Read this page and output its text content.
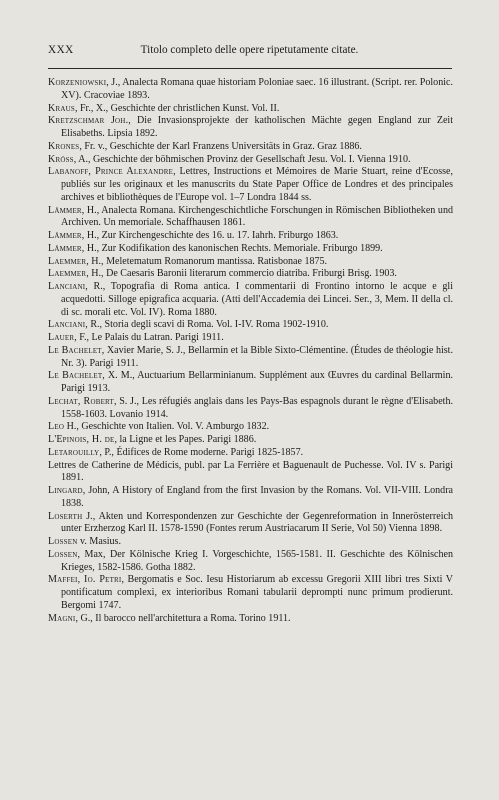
XXX	Titolo completo delle opere ripetutamente citate.
Korzeniowski, J., Analecta Romana quae historiam Poloniae saec. 16 illustrant. (Script. rer. Polonic. XV). Cracoviae 1893.
Kraus, Fr., X., Geschichte der christlichen Kunst. Vol. II.
Kretzschmar Joh., Die Invasionsprojekte der katholischen Mächte gegen England zur Zeit Elisabeths. Lipsia 1892.
Krones, Fr. v., Geschichte der Karl Franzens Universitäts in Graz. Graz 1886.
Kröss, A., Geschichte der böhmischen Provinz der Gesellschaft Jesu. Vol. I. Vienna 1910.
Labanoff, Prince Alexandre, Lettres, Instructions et Mémoires de Marie Stuart, reine d'Ecosse, publiés sur les originaux et les manuscrits du State Paper Office de Londres et des principales archives et bibliothèques de l'Europe vol. 1–7 Londra 1844 ss.
Lämmer, H., Analecta Romana. Kirchengeschichtliche Forschungen in Römischen Bibliotheken und Archiven. Un memoriale. Schaffhausen 1861.
Lämmer, H., Zur Kirchengeschichte des 16. u. 17. Iahrh. Friburgo 1863.
Lämmer, H., Zur Kodifikation des kanonischen Rechts. Memoriale. Friburgo 1899.
Laemmer, H., Meletematum Romanorum mantissa. Ratisbonae 1875.
Laemmer, H., De Caesaris Baronii literarum commercio diatriba. Friburgi Brisg. 1903.
Lanciani, R., Topografia di Roma antica. I commentarii di Frontino intorno le acque e gli acquedotti. Silloge epigrafica acquaria. (Atti dell'Accademia dei Lincei. Ser., 3, Mem. II della cl. di sc. morali etc. Vol. IV). Roma 1880.
Lanciani, R., Storia degli scavi di Roma. Vol. I-IV. Roma 1902-1910.
Lauer, F., Le Palais du Latran. Parigi 1911.
Le Bachelet, Xavier Marie, S. J., Bellarmin et la Bible Sixto-Clémentine. (Études de théologie hist. Nr. 3). Parigi 1911.
Le Bachelet, X. M., Auctuarium Bellarminianum. Supplément aux Œuvres du cardinal Bellarmin. Parigi 1913.
Lechat, Robert, S. J., Les réfugiés anglais dans les Pays-Bas espagnols durant le règne d'Elisabeth. 1558-1603. Lovanio 1914.
Leo H., Geschichte von Italien. Vol. V. Amburgo 1832.
L'Epinois, H. de, la Ligne et les Papes. Parigi 1886.
Letarouilly, P., Édifices de Rome moderne. Parigi 1825-1857.
Lettres de Catherine de Médicis, publ. par La Ferrière et Baguenault de Puchesse. Vol. IV s. Parigi 1891.
Lingard, John, A History of England from the first Invasion by the Romans. Vol. VII-VIII. Londra 1838.
Loserth J., Akten und Korrespondenzen zur Geschichte der Gegenreformation in Innerösterreich unter Erzherzog Karl II. 1578-1590 (Fontes rerum Austriacarum II Serie, Vol 50) Vienna 1898.
Lossen v. Masius.
Lossen, Max, Der Kölnische Krieg I. Vorgeschichte, 1565-1581. II. Geschichte des Kölnischen Krieges, 1582-1586. Gotha 1882.
Maffei, Io. Petri, Bergomatis e Soc. Iesu Historiarum ab excessu Gregorii XIII libri tres Sixti V pontificatum complexi, ex interioribus Romani tabularii deprompti nunc primum prodierunt. Bergomi 1747.
Magni, G., Il barocco nell'architettura a Roma. Torino 1911.
